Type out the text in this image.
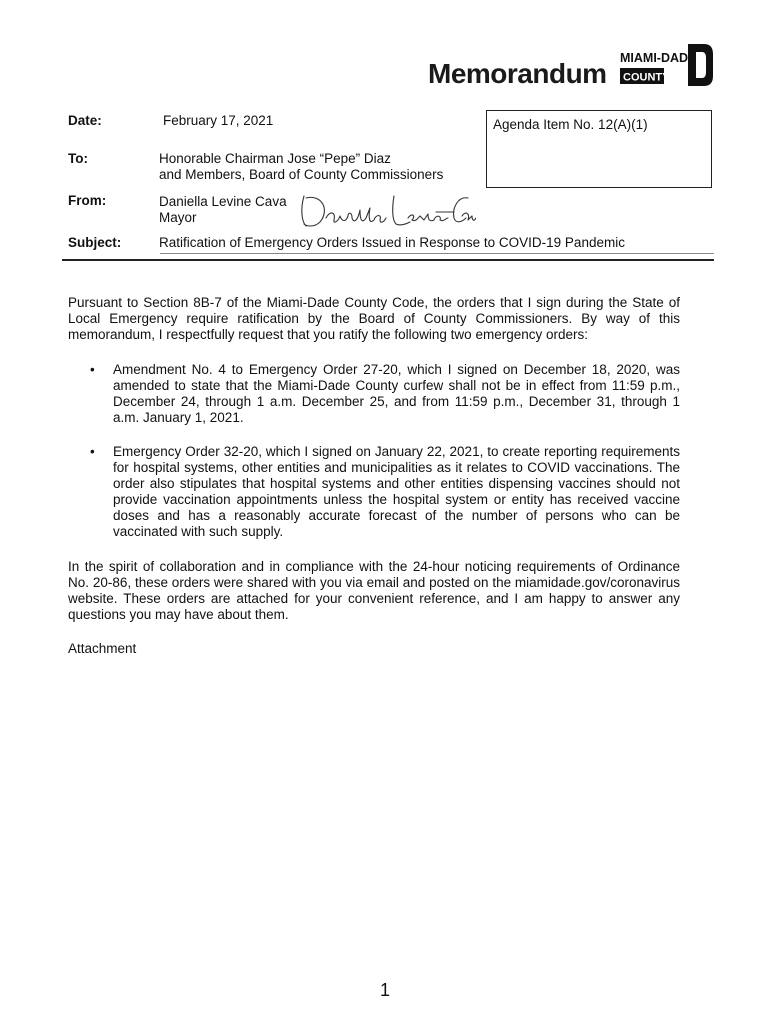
Memorandum MIAMI-DADE
COUNTY
Date:	February 17, 2021	Agenda Item No. 12(A)(1)
To:	Honorable Chairman Jose “Pepe” Diaz
and Members, Board of County Commissioners
From:	Daniella Levine Cava
Mayor
Subject:	Ratification of Emergency Orders Issued in Response to COVID-19 Pandemic
Pursuant to Section 8B-7 of the Miami-Dade County Code, the orders that I sign during the State of Local Emergency require ratification by the Board of County Commissioners. By way of this memorandum, I respectfully request that you ratify the following two emergency orders:
• Amendment No. 4 to Emergency Order 27-20, which I signed on December 18, 2020, was amended to state that the Miami-Dade County curfew shall not be in effect from 11:59 p.m., December 24, through 1 a.m. December 25, and from 11:59 p.m., December 31, through 1 a.m. January 1, 2021.
• Emergency Order 32-20, which I signed on January 22, 2021, to create reporting requirements for hospital systems, other entities and municipalities as it relates to COVID vaccinations. The order also stipulates that hospital systems and other entities dispensing vaccines should not provide vaccination appointments unless the hospital system or entity has received vaccine doses and has a reasonably accurate forecast of the number of persons who can be vaccinated with such supply.
In the spirit of collaboration and in compliance with the 24-hour noticing requirements of Ordinance No. 20-86, these orders were shared with you via email and posted on the miamidade.gov/coronavirus website. These orders are attached for your convenient reference, and I am happy to answer any questions you may have about them.
Attachment
1
